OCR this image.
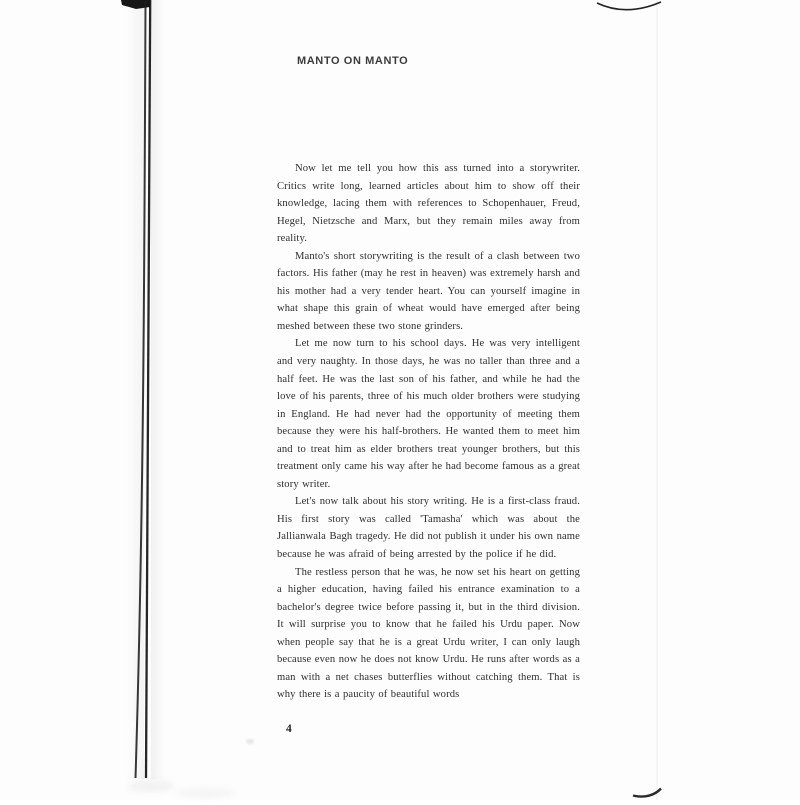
MANTO ON MANTO

Now let me tell you how this ass turned into a storywriter. Critics write long, learned articles about him to show off their knowledge, lacing them with references to Schopenhauer, Freud, Hegel, Nietzsche and Marx, but they remain miles away from reality.

Manto's short storywriting is the result of a clash between two factors. His father (may he rest in heaven) was extremely harsh and his mother had a very tender heart. You can yourself imagine in what shape this grain of wheat would have emerged after being meshed between these two stone grinders.

Let me now turn to his school days. He was very intelligent and very naughty. In those days, he was no taller than three and a half feet. He was the last son of his father, and while he had the love of his parents, three of his much older brothers were studying in England. He had never had the opportunity of meeting them because they were his half-brothers. He wanted them to meet him and to treat him as elder brothers treat younger brothers, but this treatment only came his way after he had become famous as a great story writer.

Let's now talk about his story writing. He is a first-class fraud. His first story was called 'Tamasha' which was about the Jallianwala Bagh tragedy. He did not publish it under his own name because he was afraid of being arrested by the police if he did.

The restless person that he was, he now set his heart on getting a higher education, having failed his entrance examination to a bachelor's degree twice before passing it, but in the third division. It will surprise you to know that he failed his Urdu paper. Now when people say that he is a great Urdu writer, I can only laugh because even now he does not know Urdu. He runs after words as a man with a net chases butterflies without catching them. That is why there is a paucity of beautiful words

4
